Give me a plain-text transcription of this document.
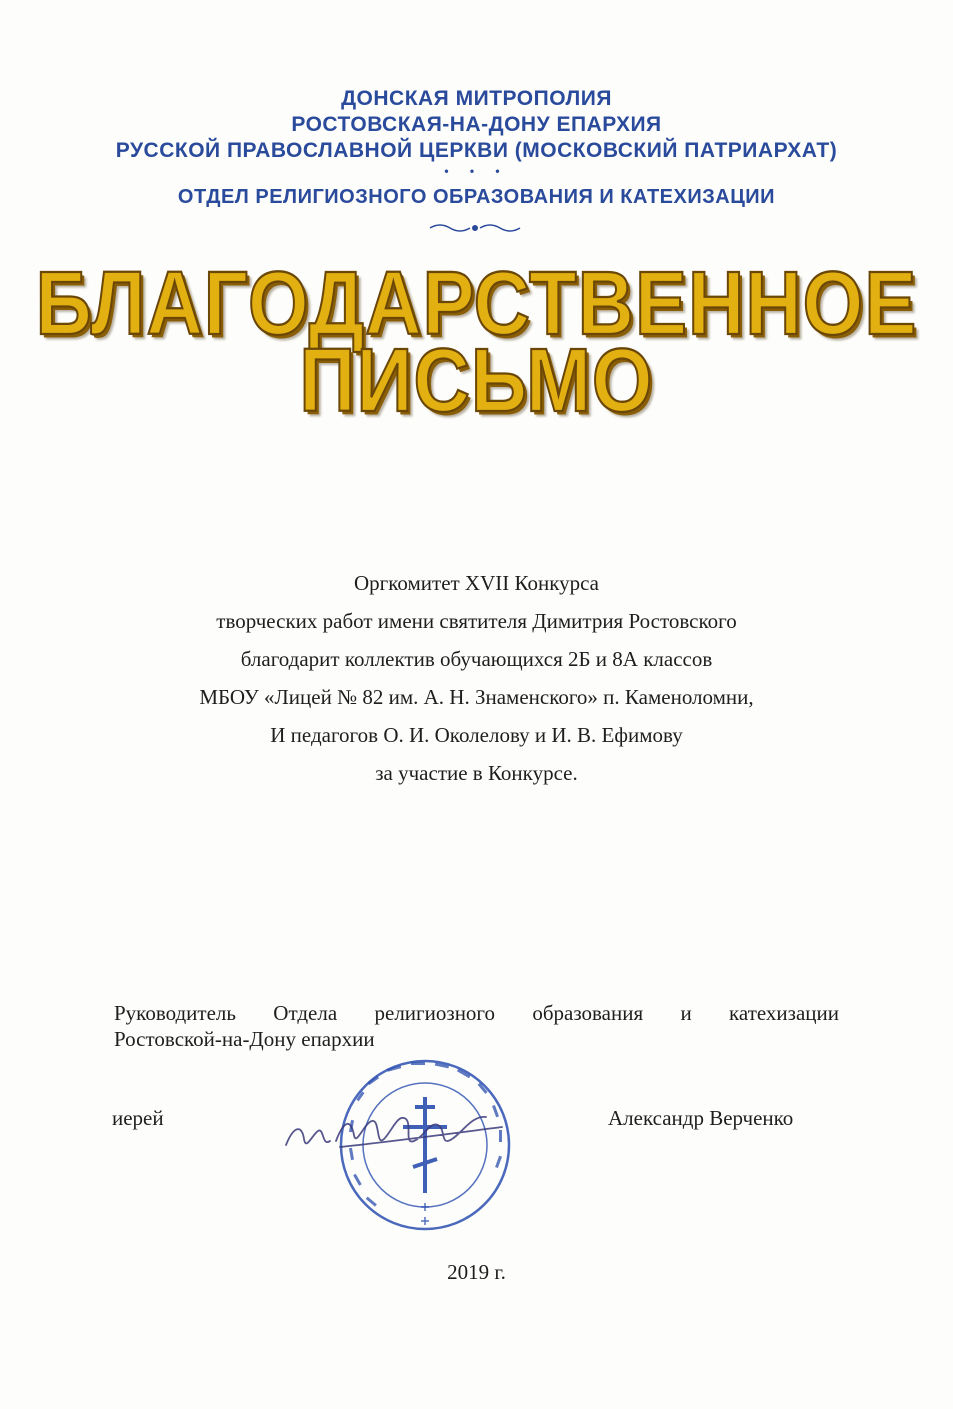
ДОНСКАЯ МИТРОПОЛИЯ
РОСТОВСКАЯ-НА-ДОНУ ЕПАРХИЯ
РУССКОЙ ПРАВОСЛАВНОЙ ЦЕРКВИ (МОСКОВСКИЙ ПАТРИАРХАТ)
• • •
ОТДЕЛ РЕЛИГИОЗНОГО ОБРАЗОВАНИЯ И КАТЕХИЗАЦИИ
БЛАГОДАРСТВЕННОЕ
ПИСЬМО
Оргкомитет XVII Конкурса
творческих работ имени святителя Димитрия Ростовского
благодарит коллектив обучающихся 2Б и 8А классов
МБОУ «Лицей № 82 им. А. Н. Знаменского» п. Каменоломни,
И педагогов О. И. Околелову и И. В. Ефимову
за участие в Конкурсе.
Руководитель Отдела религиозного образования и катехизации
Ростовской-на-Дону епархии
иерей	Александр Верченко
2019 г.
